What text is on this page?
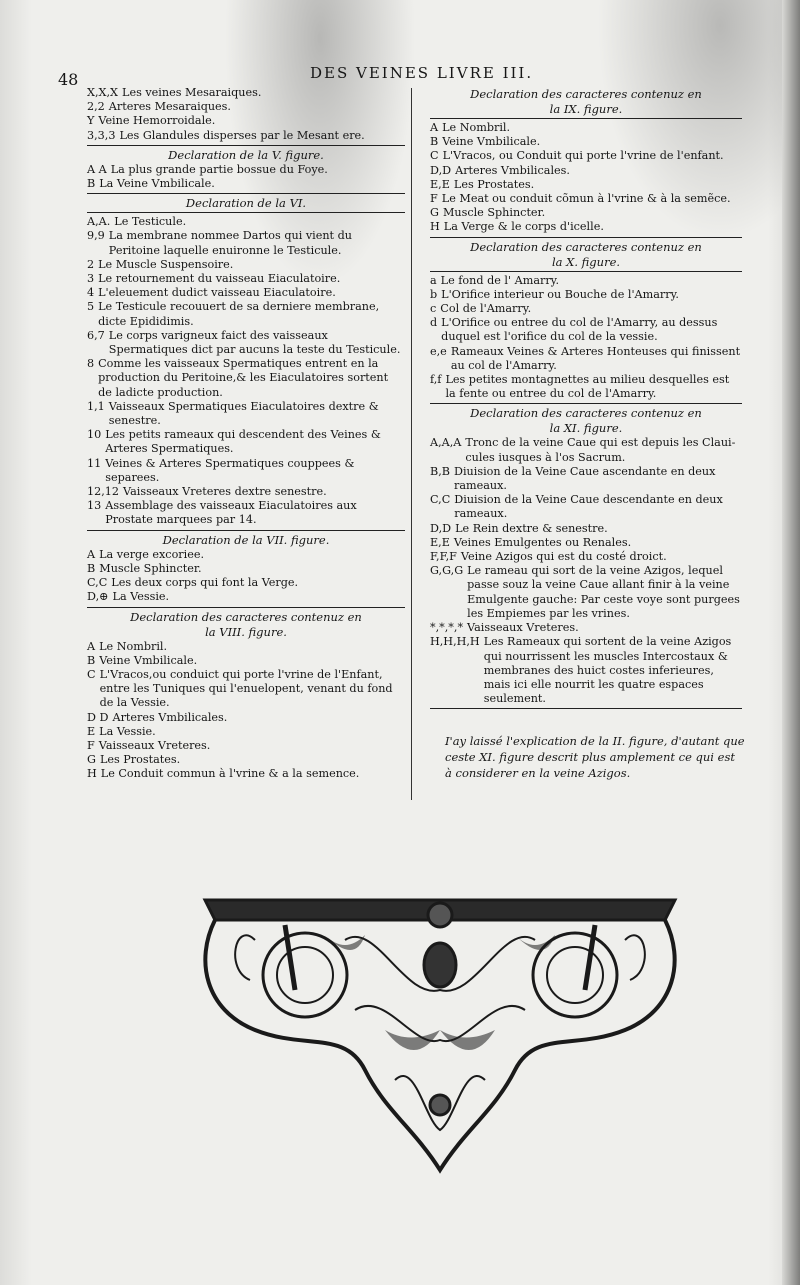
48	DES VEINES LIVRE III.
X,X,X Les veines Mesaraiques.
2,2 Arteres Mesaraiques.
Y Veine Hemorroidale.
3,3,3 Les Glandules disperses par le Mesant ere.
Declaration de la V. figure.
A A La plus grande partie bossue du Foye.
B La Veine Vmbilicale.
Declaration de la VI.
A,A. Le Testicule.
9,9 La membrane nommee Dartos qui vient du Peritoine laquelle enuironne le Testicule.
2 Le Muscle Suspensoire.
3 Le retournement du vaisseau Eiaculatoire.
4 L'eleuement dudict vaisseau Eiaculatoire.
5 Le Testicule recouuert de sa derniere membrane, dicte Epididimis.
6,7 Le corps varigneux faict des vaisseaux Spermatiques dict par aucuns la teste du Testicule.
8 Comme les vaisseaux Spermatiques entrent en la production du Peritoine,& les Eiaculatoires sortent de ladicte production.
1,1 Vaisseaux Spermatiques Eiaculatoires dextre & senestre.
10 Les petits rameaux qui descendent des Veines & Arteres Spermatiques.
11 Veines & Arteres Spermatiques couppees & separees.
12,12 Vaisseaux Vreteres dextre senestre.
13 Assemblage des vaisseaux Eiaculatoires aux Prostate marquees par 14.
Declaration de la VII. figure.
A La verge excoriee.
B Muscle Sphincter.
C,C Les deux corps qui font la Verge.
D,⊕ La Vessie.
Declaration des caracteres contenuz en
la VIII. figure.
A Le Nombril.
B Veine Vmbilicale.
C L'Vracos,ou conduict qui porte l'vrine de l'Enfant, entre les Tuniques qui l'enuelopent, venant du fond de la Vessie.
D D Arteres Vmbilicales.
E La Vessie.
F Vaisseaux Vreteres.
G Les Prostates.
H Le Conduit commun à l'vrine & a la semence.
Declaration des caracteres contenuz en
la IX. figure.
A Le Nombril.
B Veine Vmbilicale.
C L'Vracos, ou Conduit qui porte l'vrine de l'enfant.
D,D Arteres Vmbilicales.
E,E Les Prostates.
F Le Meat ou conduit cõmun à l'vrine & à la semẽce.
G Muscle Sphincter.
H La Verge & le corps d'icelle.
Declaration des caracteres contenuz en
la X. figure.
a Le fond de l' Amarry.
b L'Orifice interieur ou Bouche de l'Amarry.
c Col de l'Amarry.
d L'Orifice ou entree du col de l'Amarry, au dessus duquel est l'orifice du col de la vessie.
e,e Rameaux Veines & Arteres Honteuses qui finissent au col de l'Amarry.
f,f Les petites montagnettes au milieu desquelles est la fente ou entree du col de l'Amarry.
Declaration des caracteres contenuz en
la XI. figure.
A,A,A Tronc de la veine Caue qui est depuis les Claui-cules iusques à l'os Sacrum.
B,B Diuision de la Veine Caue ascendante en deux rameaux.
C,C Diuision de la Veine Caue descendante en deux rameaux.
D,D Le Rein dextre & senestre.
E,E Veines Emulgentes ou Renales.
F,F,F Veine Azigos qui est du costé droict.
G,G,G Le rameau qui sort de la veine Azigos, lequel passe souz la veine Caue allant finir à la veine Emulgente gauche: Par ceste voye sont purgees les Empiemes par les vrines.
*,*,*,* Vaisseaux Vreteres.
H,H,H,H Les Rameaux qui sortent de la veine Azigos qui nourrissent les muscles Intercostaux & membranes des huict costes inferieures, mais ici elle nourrit les quatre espaces seulement.
I'ay laissé l'explication de la II. figure, d'autant que ceste XI. figure descrit plus amplement ce qui est à considerer en la veine Azigos.
